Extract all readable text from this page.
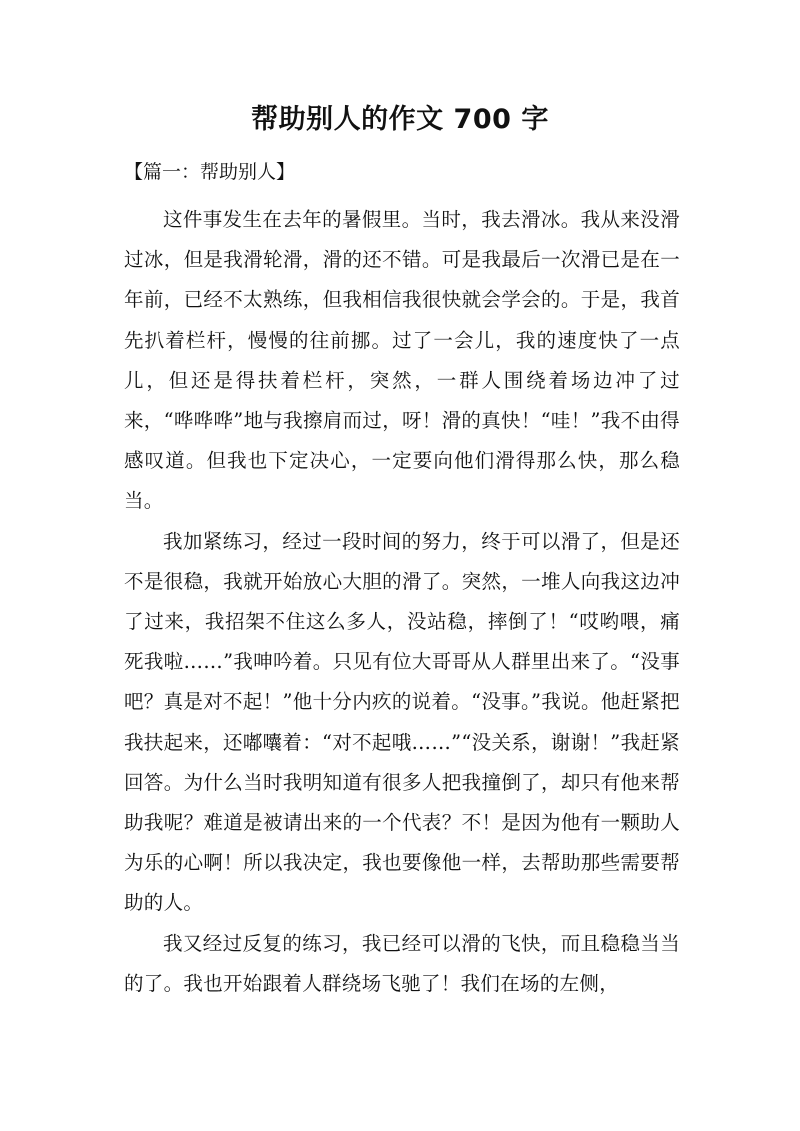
帮助别人的作文 700 字

【篇一：帮助别人】

这件事发生在去年的暑假里。当时，我去滑冰。我从来没滑过冰，但是我滑轮滑，滑的还不错。可是我最后一次滑已是在一年前，已经不太熟练，但我相信我很快就会学会的。于是，我首先扒着栏杆，慢慢的往前挪。过了一会儿，我的速度快了一点儿，但还是得扶着栏杆，突然，一群人围绕着场边冲了过来，“哗哗哗”地与我擦肩而过，呀！滑的真快！“哇！”我不由得感叹道。但我也下定决心，一定要向他们滑得那么快，那么稳当。

我加紧练习，经过一段时间的努力，终于可以滑了，但是还不是很稳，我就开始放心大胆的滑了。突然，一堆人向我这边冲了过来，我招架不住这么多人，没站稳，摔倒了！“哎哟喂，痛死我啦……”我呻吟着。只见有位大哥哥从人群里出来了。“没事吧？真是对不起！”他十分内疚的说着。“没事。”我说。他赶紧把我扶起来，还嘟囔着：“对不起哦……”“没关系，谢谢！”我赶紧回答。为什么当时我明知道有很多人把我撞倒了，却只有他来帮助我呢？难道是被请出来的一个代表？不！是因为他有一颗助人为乐的心啊！所以我决定，我也要像他一样，去帮助那些需要帮助的人。

我又经过反复的练习，我已经可以滑的飞快，而且稳稳当当的了。我也开始跟着人群绕场飞驰了！我们在场的左侧，
